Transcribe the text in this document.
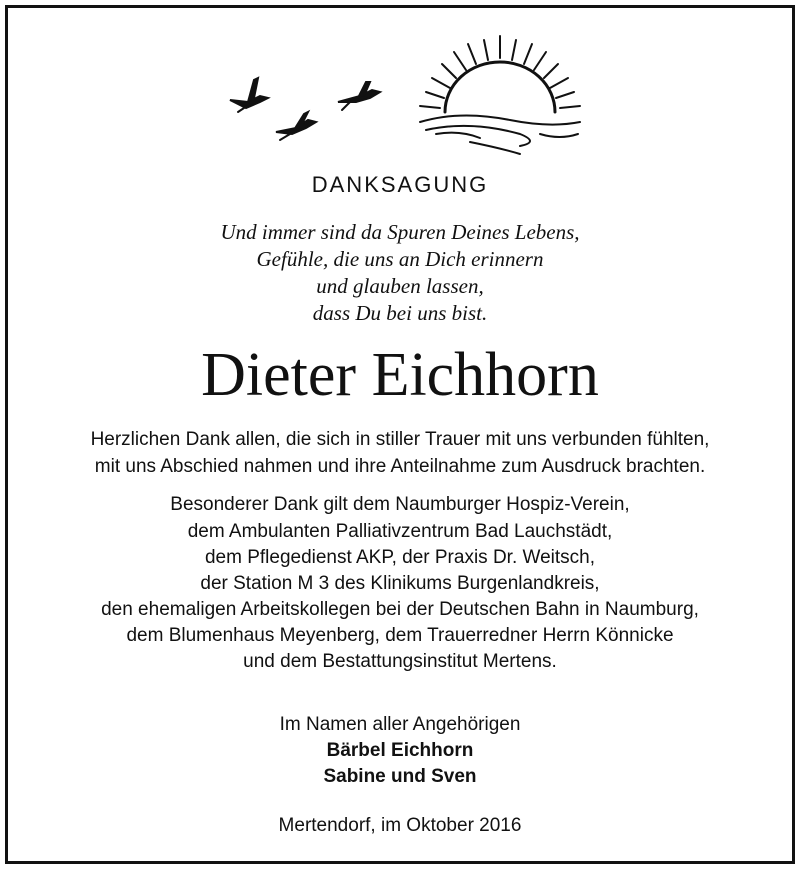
DANKSAGUNG
Und immer sind da Spuren Deines Lebens,
Gefühle, die uns an Dich erinnern
und glauben lassen,
dass Du bei uns bist.
Dieter Eichhorn
Herzlichen Dank allen, die sich in stiller Trauer mit uns verbunden fühlten,
mit uns Abschied nahmen und ihre Anteilnahme zum Ausdruck brachten.
Besonderer Dank gilt dem Naumburger Hospiz-Verein,
dem Ambulanten Palliativzentrum Bad Lauchstädt,
dem Pflegedienst AKP, der Praxis Dr. Weitsch,
der Station M 3 des Klinikums Burgenlandkreis,
den ehemaligen Arbeitskollegen bei der Deutschen Bahn in Naumburg,
dem Blumenhaus Meyenberg, dem Trauerredner Herrn Könnicke
und dem Bestattungsinstitut Mertens.
Im Namen aller Angehörigen
Bärbel Eichhorn
Sabine und Sven
Mertendorf, im Oktober 2016
